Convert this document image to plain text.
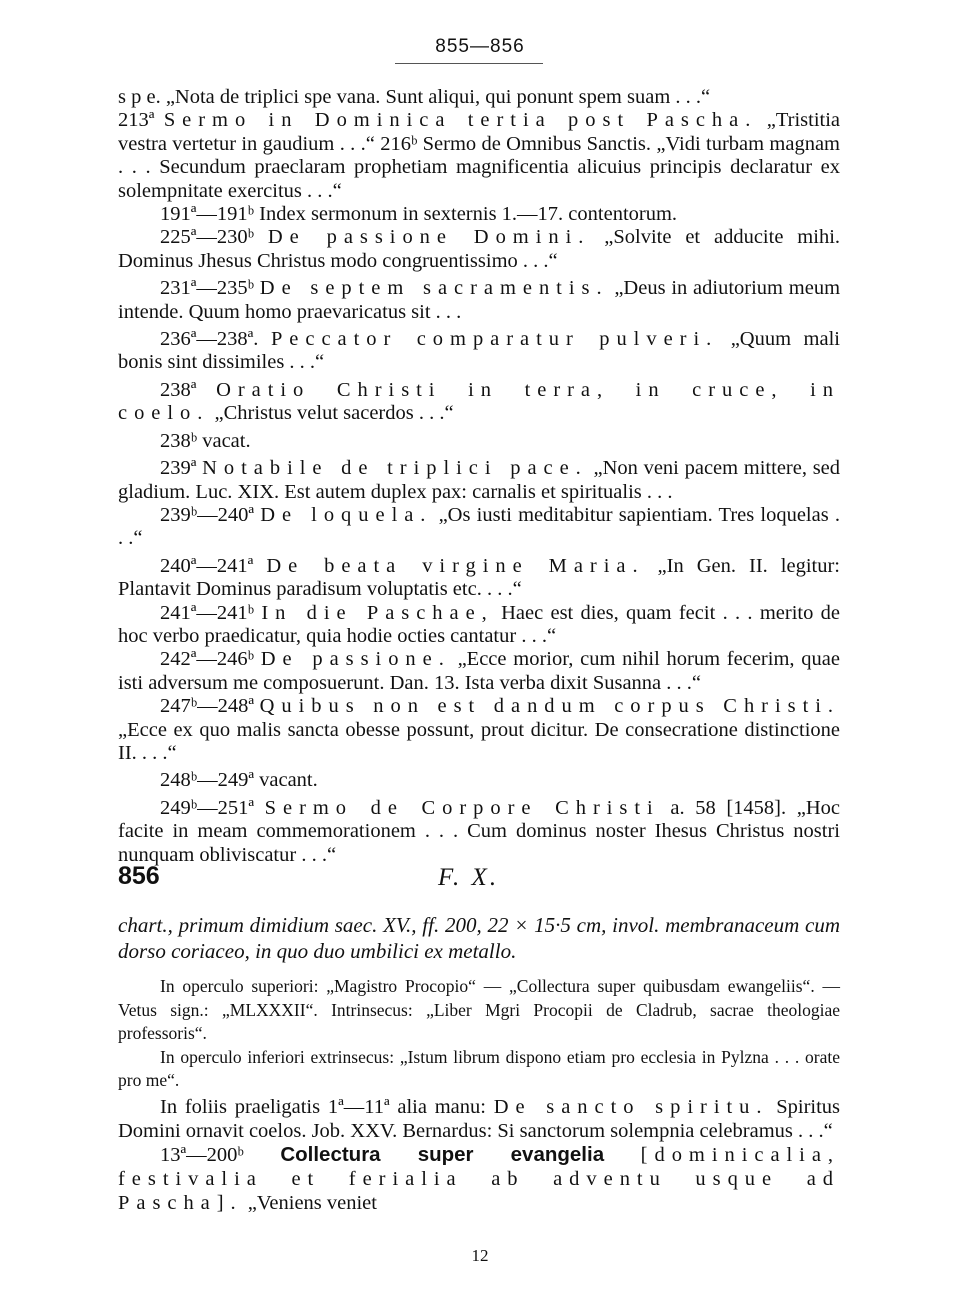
855—856

s p e. „Nota de triplici spe vana. Sunt aliqui, qui ponunt spem suam . . .“

213ª Sermo in Dominica tertia post Pascha. „Tristitia vestra vertetur in gaudium . . .“ 216ᵇ Sermo de Omnibus Sanctis. „Vidi turbam magnam . . . Secundum praeclaram prophetiam magnificentia alicuius principis declaratur ex solempnitate exercitus . . .“

191ª—191ᵇ Index sermonum in sexternis 1.—17. contentorum.

225ª—230ᵇ De passione Domini. „Solvite et adducite mihi. Dominus Jhesus Christus modo congruentissimo . . .“

231ª—235ᵇ De septem sacramentis. „Deus in adiutorium meum intende. Quum homo praevaricatus sit . . .

236ª—238ª. Peccator comparatur pulveri. „Quum mali bonis sint dissimiles . . .“

238ª Oratio Christi in terra, in cruce, in coelo. „Christus velut sacerdos . . .“

238ᵇ vacat.

239ª Notabile de triplici pace. „Non veni pacem mittere, sed gladium. Luc. XIX. Est autem duplex pax: carnalis et spiritualis . . .

239ᵇ—240ª De loquela. „Os iusti meditabitur sapientiam. Tres loquelas . . .“

240ª—241ª De beata virgine Maria. „In Gen. II. legitur: Plantavit Dominus paradisum voluptatis etc. . . .“

241ª—241ᵇ In die Paschae, Haec est dies, quam fecit . . . merito de hoc verbo praedicatur, quia hodie octies cantatur . . .“

242ª—246ᵇ De passione. „Ecce morior, cum nihil horum fecerim, quae isti adversum me composuerunt. Dan. 13. Ista verba dixit Susanna . . .“

247ᵇ—248ª Quibus non est dandum corpus Christi. „Ecce ex quo malis sancta obesse possunt, prout dicitur. De consecratione distinctione II. . . .“

248ᵇ—249ª vacant.

249ᵇ—251ª Sermo de Corpore Christi a. 58 [1458]. „Hoc facite in meam commemorationem . . . Cum dominus noster Ihesus Christus nostri nunquam obliviscatur . . .“

856	F. X.
chart., primum dimidium saec. XV., ff. 200, 22 × 15·5 cm, invol. membranaceum cum dorso coriaceo, in quo duo umbilici ex metallo.

In operculo superiori: „Magistro Procopio“ — „Collectura super quibusdam ewangeliis“. — Vetus sign.: „MLXXXII“. Intrinsecus: „Liber Mgri Procopii de Cladrub, sacrae theologiae professoris“.

In operculo inferiori extrinsecus: „Istum librum dispono etiam pro ecclesia in Pylzna . . . orate pro me“.

In foliis praeligatis 1ª—11ª alia manu: De sancto spiritu. Spiritus Domini ornavit coelos. Job. XXV. Bernardus: Si sanctorum solempnia celebramus . . .“

13ª—200ᵇ Collectura super evangelia [dominicalia, festivalia et ferialia ab adventu usque ad Pascha]. „Veniens veniet

12
